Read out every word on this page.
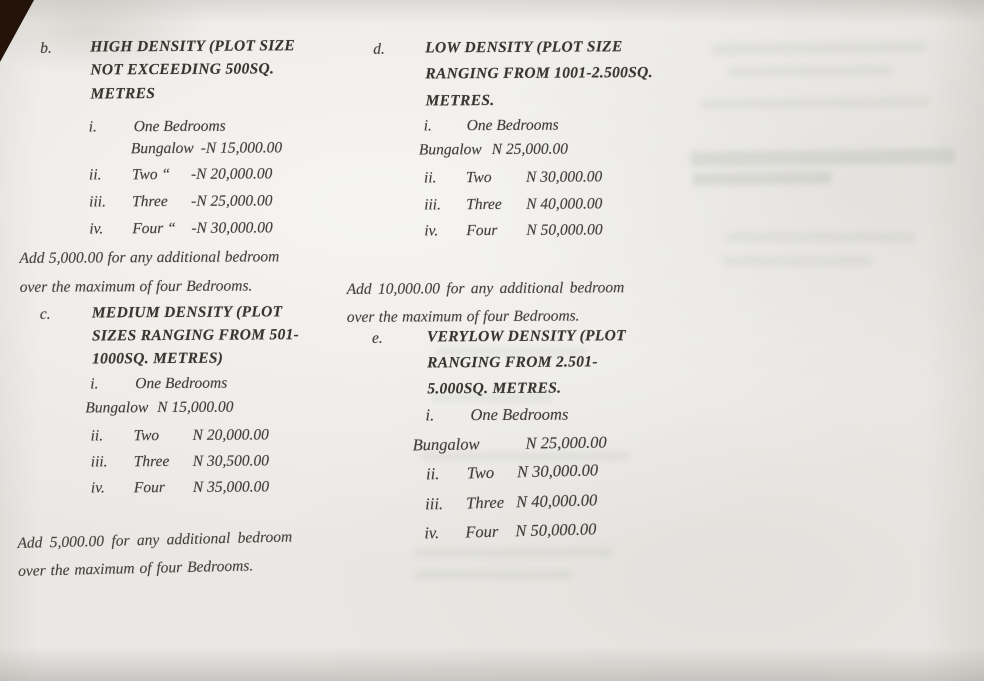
b. HIGH DENSITY (PLOT SIZE
NOT EXCEEDING 500SQ.
METRES
i. One Bedrooms
Bungalow -N 15,000.00
ii.	Two “	-N 20,000.00
iii.	Three	-N 25,000.00
iv.	Four “ -N 30,000.00
Add 5,000.00 for any additional bedroom
over the maximum of four Bedrooms.
c.	MEDIUM DENSITY (PLOT
SIZES RANGING FROM 501-
1000SQ. METRES)
i. One Bedrooms
Bungalow N 15,000.00
ii.	Two	N 20,000.00
iii.	Three	N 30,500.00
iv.	Four	N 35,000.00
Add 5,000.00 for any additional bedroom
over the maximum of four Bedrooms.
d.	LOW DENSITY (PLOT SIZE
RANGING FROM 1001-2.500SQ.
METRES.
i. One Bedrooms
Bungalow N 25,000.00
ii.	Two	N 30,000.00
iii.	Three	N 40,000.00
iv.	Four	N 50,000.00
Add 10,000.00 for any additional bedroom
over the maximum of four Bedrooms.
e.	VERYLOW DENSITY (PLOT
RANGING FROM 2.501-
5.000SQ. METRES.
i. One Bedrooms
Bungalow	N 25,000.00
ii.	Two	N 30,000.00
iii.	Three N 40,000.00
iv.	Four	N 50,000.00
